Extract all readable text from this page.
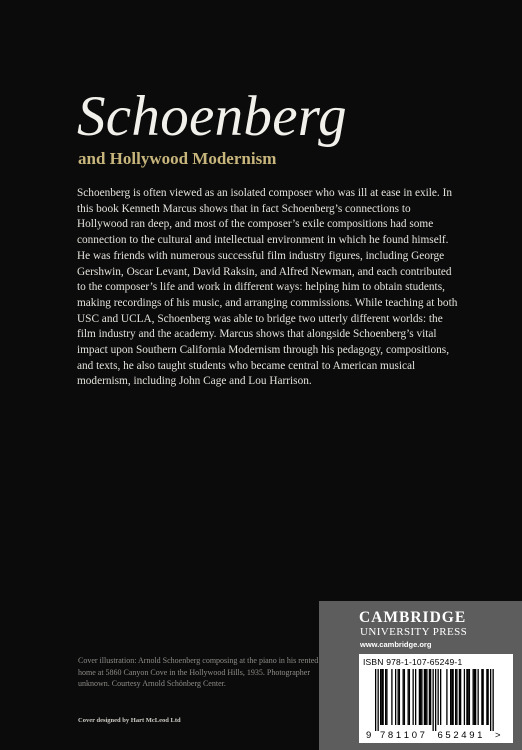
Schoenberg
and Hollywood Modernism

Schoenberg is often viewed as an isolated composer who was ill at ease in exile. In this book Kenneth Marcus shows that in fact Schoenberg’s connections to Hollywood ran deep, and most of the composer’s exile compositions had some connection to the cultural and intellectual environment in which he found himself. He was friends with numerous successful film industry figures, including George Gershwin, Oscar Levant, David Raksin, and Alfred Newman, and each contributed to the composer’s life and work in different ways: helping him to obtain students, making recordings of his music, and arranging commissions. While teaching at both USC and UCLA, Schoenberg was able to bridge two utterly different worlds: the film industry and the academy. Marcus shows that alongside Schoenberg’s vital impact upon Southern California Modernism through his pedagogy, compositions, and texts, he also taught students who became central to American musical modernism, including John Cage and Lou Harrison.

Cover illustration: Arnold Schoenberg composing at the piano in his rented home at 5860 Canyon Cove in the Hollywood Hills, 1935. Photographer unknown. Courtesy Arnold Schönberg Center.

Cover designed by Hart McLeod Ltd

CAMBRIDGE
UNIVERSITY PRESS
www.cambridge.org
ISBN 978-1-107-65249-1
9 7 8 1 1 0 7 6 5 2 4 9 1 >
